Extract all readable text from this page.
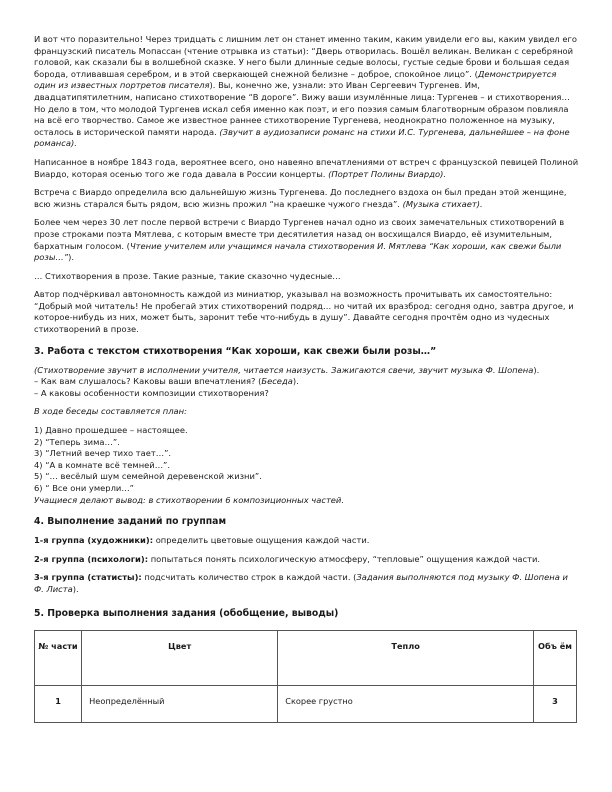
И вот что поразительно! Через тридцать с лишним лет он станет именно таким, каким увидели его вы, каким увидел его французский писатель Мопассан (чтение отрывка из статьи): “Дверь отворилась. Вошёл великан. Великан с серебряной головой, как сказали бы в волшебной сказке. У него были длинные седые волосы, густые седые брови и большая седая борода, отливавшая серебром, и в этой сверкающей снежной белизне – доброе, спокойное лицо”. (Демонстрируется один из известных портретов писателя). Вы, конечно же, узнали: это Иван Сергеевич Тургенев. Им, двадцатипятилетним, написано стихотворение “В дороге”. Вижу ваши изумлённые лица: Тургенев – и стихотворения… Но дело в том, что молодой Тургенев искал себя именно как поэт, и его поэзия самым благотворным образом повлияла на всё его творчество. Самое же известное раннее стихотворение Тургенева, неоднократно положенное на музыку, осталось в исторической памяти народа. (Звучит в аудиозаписи романс на стихи И.С. Тургенева, дальнейшее – на фоне романса).

Написанное в ноябре 1843 года, вероятнее всего, оно навеяно впечатлениями от встреч с французской певицей Полиной Виардо, которая осенью того же года давала в России концерты. (Портрет Полины Виардо).

Встреча с Виардо определила всю дальнейшую жизнь Тургенева. До последнего вздоха он был предан этой женщине, всю жизнь старался быть рядом, всю жизнь прожил “на краешке чужого гнезда”. (Музыка стихает).

Более чем через 30 лет после первой встречи с Виардо Тургенев начал одно из своих замечательных стихотворений в прозе строками поэта Мятлева, с которым вместе три десятилетия назад он восхищался Виардо, её изумительным, бархатным голосом. (Чтение учителем или учащимся начала стихотворения И. Мятлева “Как хороши, как свежи были розы…”).

… Стихотворения в прозе. Такие разные, такие сказочно чудесные…

Автор подчёркивал автономность каждой из миниатюр, указывал на возможность прочитывать их самостоятельно: “Добрый мой читатель! Не пробегай этих стихотворений подряд… но читай их вразброд: сегодня одно, завтра другое, и которое-нибудь из них, может быть, заронит тебе что-нибудь в душу”. Давайте сегодня прочтём одно из чудесных стихотворений в прозе.

3. Работа с текстом стихотворения “Как хороши, как свежи были розы…”

(Стихотворение звучит в исполнении учителя, читается наизусть. Зажигаются свечи, звучит музыка Ф. Шопена).

– Как вам слушалось? Каковы ваши впечатления? (Беседа).

– А каковы особенности композиции стихотворения?

В ходе беседы составляется план:

1) Давно прошедшее – настоящее.

2) “Теперь зима…”.

3) “Летний вечер тихо тает…”.

4) “А в комнате всё темней…”.

5) “… весёлый шум семейной деревенской жизни”.

6) “ Все они умерли…”

Учащиеся делают вывод: в стихотворении 6 композиционных частей.

4. Выполнение заданий по группам

1-я группа (художники): определить цветовые ощущения каждой части.

2-я группа (психологи): попытаться понять психологическую атмосферу, “тепловые” ощущения каждой части.

3-я группа (статисты): подсчитать количество строк в каждой части. (Задания выполняются под музыку Ф. Шопена и Ф. Листа).

5. Проверка выполнения задания (обобщение, выводы)

№ части	Цвет	Тепло	Объ ём
1	Неопределённый	Скорее грустно	3
